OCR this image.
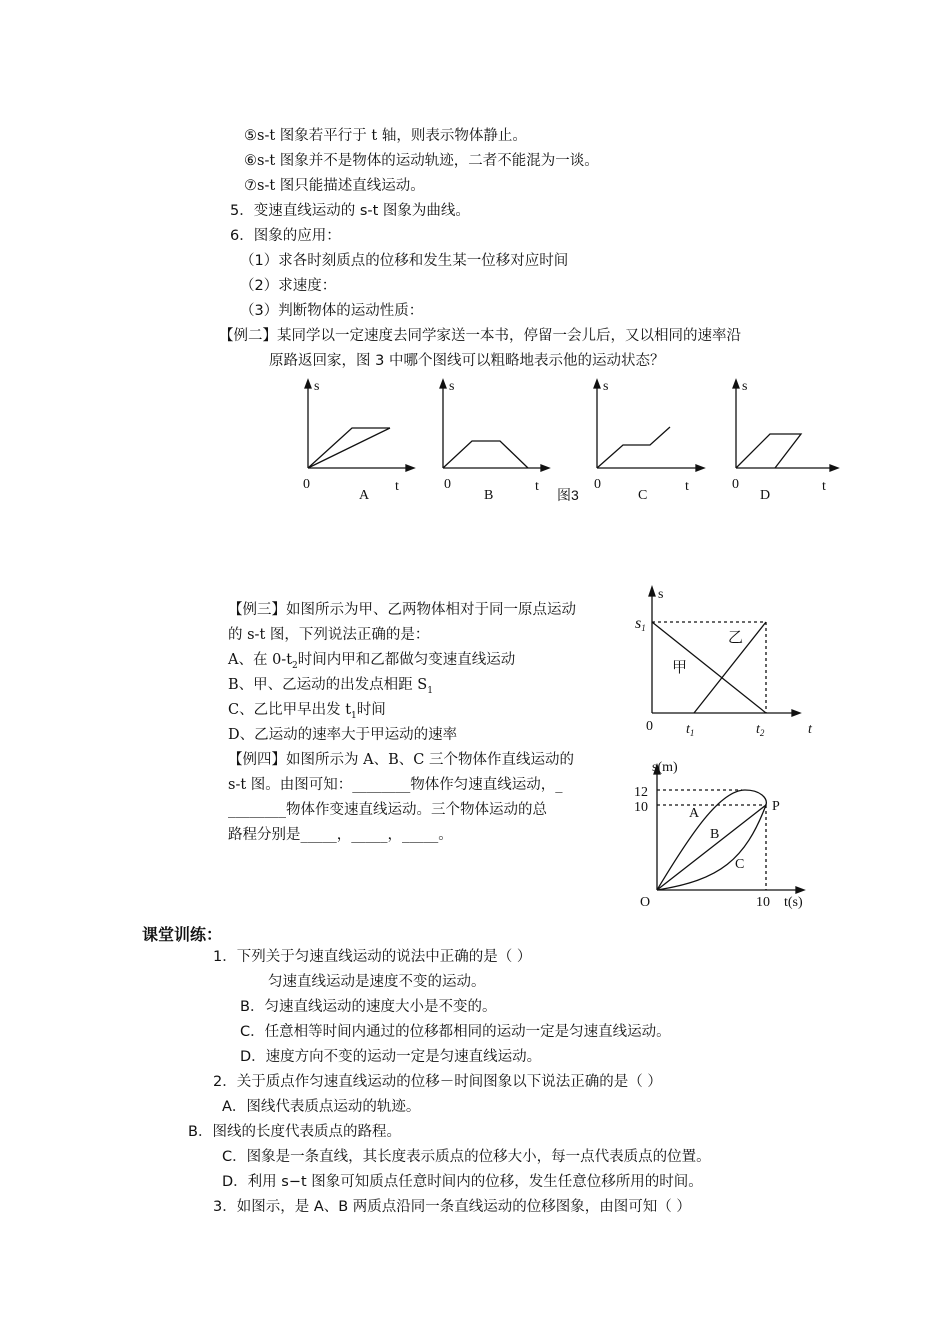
⑤s-t 图象若平行于 t 轴，则表示物体静止。
⑥s-t 图象并不是物体的运动轨迹，二者不能混为一谈。
⑦s-t 图只能描述直线运动。
5．变速直线运动的 s-t 图象为曲线。
6．图象的应用：
（1）求各时刻质点的位移和发生某一位移对应时间
（2）求速度：
（3）判断物体的运动性质：
【例二】某同学以一定速度去同学家送一本书，停留一会儿后，又以相同的速率沿
原路返回家，图 3 中哪个图线可以粗略地表示他的运动状态？
s
0	t
A
s
0	t
B
s
0	t
C
s
0	t
D
图3
【例三】如图所示为甲、乙两物体相对于同一原点运动
的 s-t 图，下列说法正确的是：
A、在 $0-t_2$时间内甲和乙都做匀变速直线运动
B、甲、乙运动的出发点相距 $S_1$
C、乙比甲早出发 $t_1$时间
D、乙运动的速率大于甲运动的速率
s
s1
乙
甲
0 $t_1$	$t_2$	t
【例四】如图所示为 A、B、C 三个物体作直线运动的
s-t 图。由图可知：________物体作匀速直线运动，_
________物体作变速直线运动。三个物体运动的总
路程分别是_____，_____，_____。
s(m)
12
10	P
A
B
C
O	10 t(s)
课堂训练：
1．下列关于匀速直线运动的说法中正确的是（ ）
匀速直线运动是速度不变的运动。
B．匀速直线运动的速度大小是不变的。
C．任意相等时间内通过的位移都相同的运动一定是匀速直线运动。
D．速度方向不变的运动一定是匀速直线运动。
2．关于质点作匀速直线运动的位移－时间图象以下说法正确的是（ ）
A．图线代表质点运动的轨迹。
B．图线的长度代表质点的路程。
C．图象是一条直线，其长度表示质点的位移大小，每一点代表质点的位置。
D．利用 s−t 图象可知质点任意时间内的位移，发生任意位移所用的时间。
3．如图示，是 A、B 两质点沿同一条直线运动的位移图象，由图可知（ ）
